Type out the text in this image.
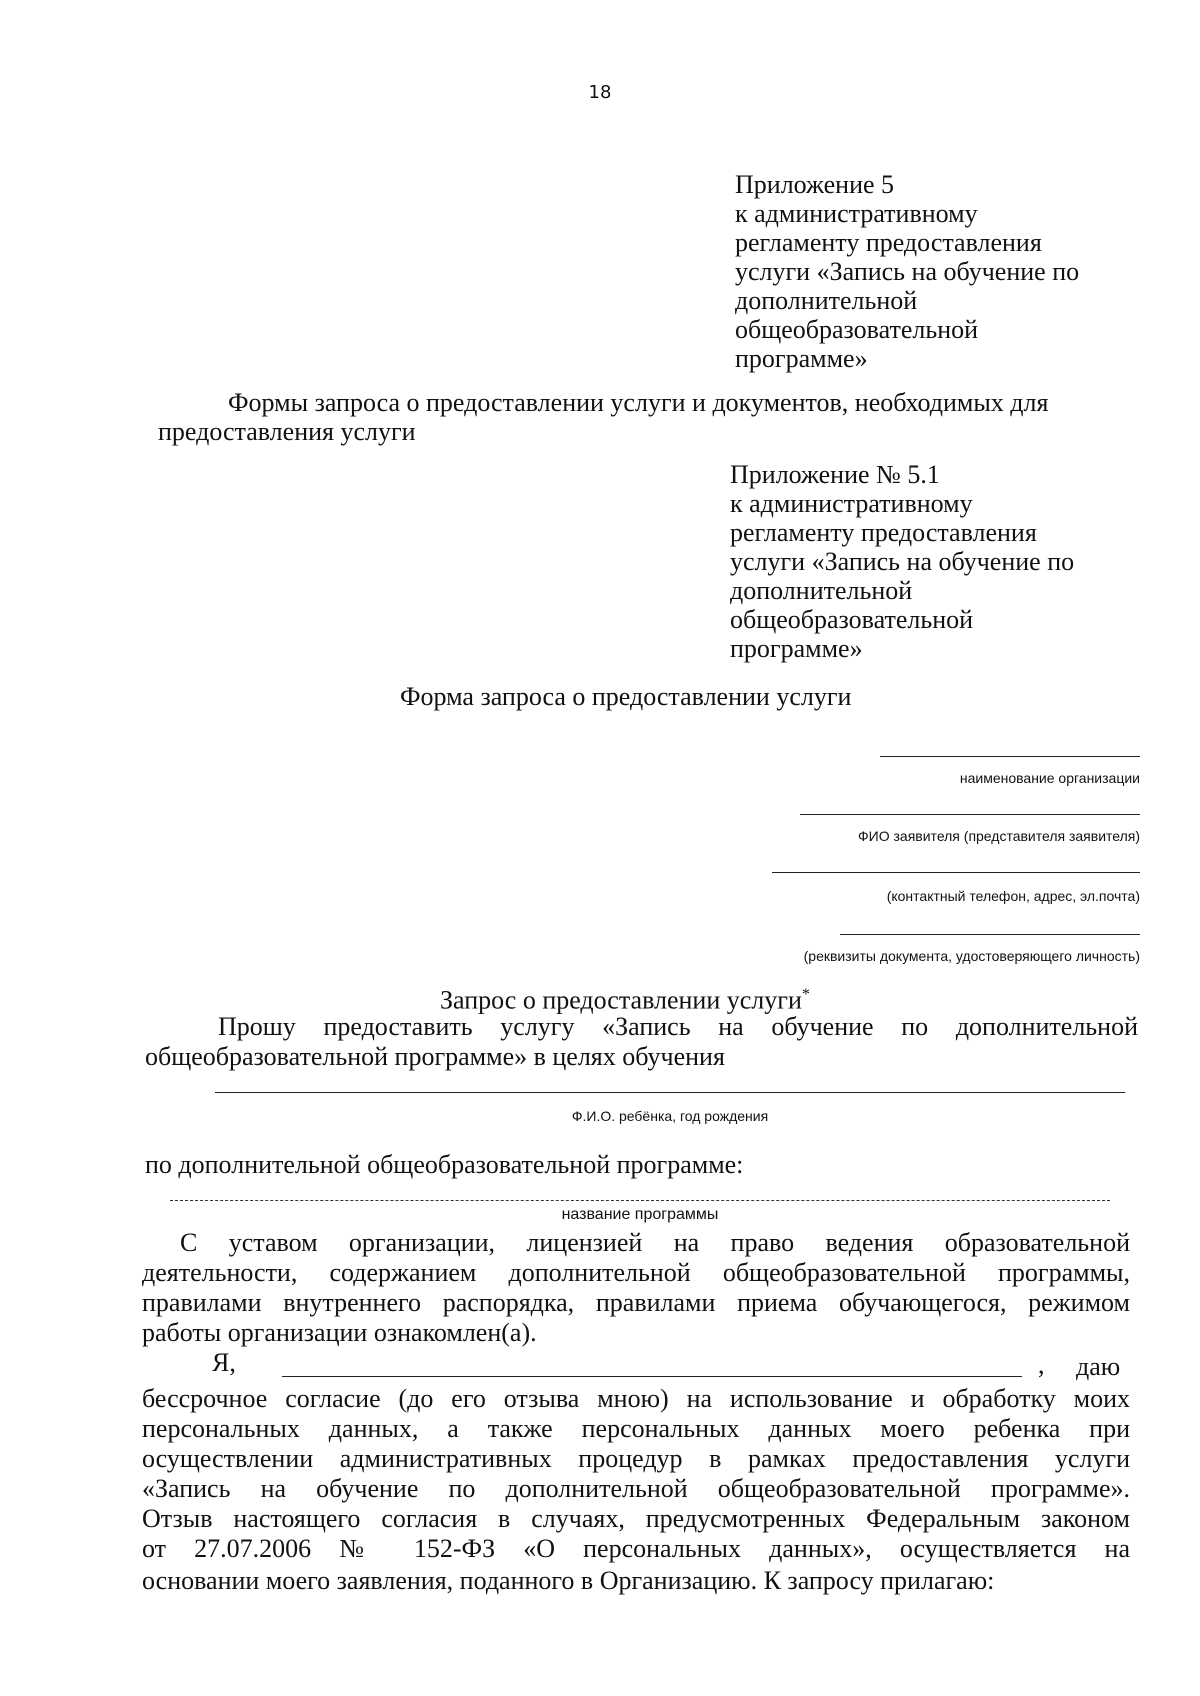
18
Приложение 5
к административному
регламенту предоставления
услуги «Запись на обучение по
дополнительной
общеобразовательной
программе»
Формы запроса о предоставлении услуги и документов, необходимых для
предоставления услуги
Приложение № 5.1
к административному
регламенту предоставления
услуги «Запись на обучение по
дополнительной
общеобразовательной
программе»
Форма запроса о предоставлении услуги
наименование организации
ФИО заявителя (представителя заявителя)
(контактный телефон, адрес, эл.почта)
(реквизиты документа, удостоверяющего личность)
Запрос о предоставлении услуги*
Прошу предоставить услугу «Запись на обучение по дополнительной
общеобразовательной программе» в целях обучения
Ф.И.О. ребёнка, год рождения
по дополнительной общеобразовательной программе:
название программы
С уставом организации, лицензией на право ведения образовательной
деятельности, содержанием дополнительной общеобразовательной программы,
правилами внутреннего распорядка, правилами приема обучающегося, режимом
работы организации ознакомлен(а).
Я,	, даю
бессрочное согласие (до его отзыва мною) на использование и обработку моих
персональных данных, а также персональных данных моего ребенка при
осуществлении административных процедур в рамках предоставления услуги
«Запись на обучение по дополнительной общеобразовательной программе».
Отзыв настоящего согласия в случаях, предусмотренных Федеральным законом
от 27.07.2006 № 152-ФЗ «О персональных данных», осуществляется на
основании моего заявления, поданного в Организацию. К запросу прилагаю:
